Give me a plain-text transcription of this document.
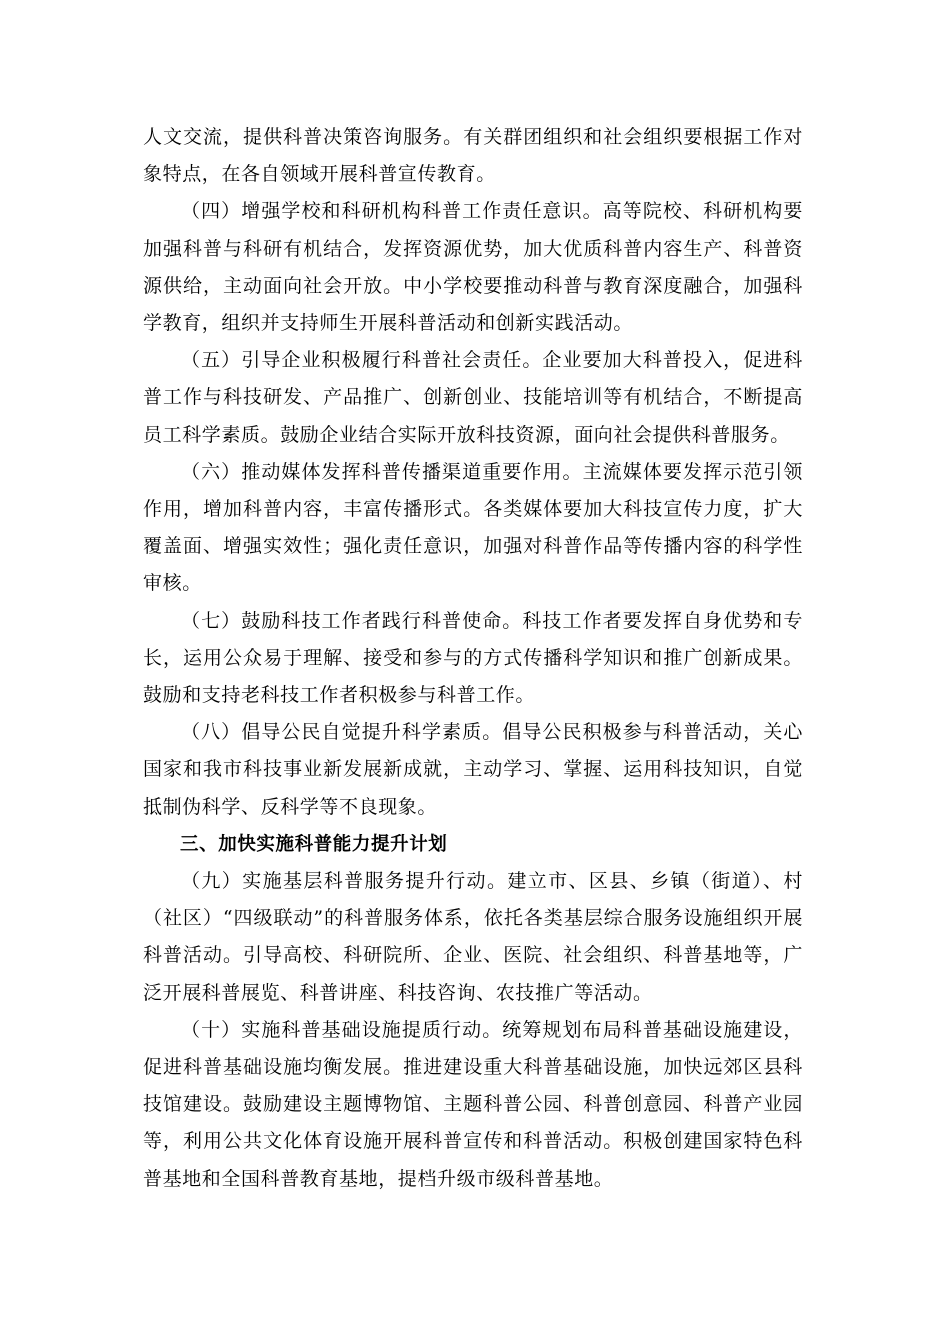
人文交流，提供科普决策咨询服务。有关群团组织和社会组织要根据工作对象特点，在各自领域开展科普宣传教育。

（四）增强学校和科研机构科普工作责任意识。高等院校、科研机构要加强科普与科研有机结合，发挥资源优势，加大优质科普内容生产、科普资源供给，主动面向社会开放。中小学校要推动科普与教育深度融合，加强科学教育，组织并支持师生开展科普活动和创新实践活动。

（五）引导企业积极履行科普社会责任。企业要加大科普投入，促进科普工作与科技研发、产品推广、创新创业、技能培训等有机结合，不断提高员工科学素质。鼓励企业结合实际开放科技资源，面向社会提供科普服务。

（六）推动媒体发挥科普传播渠道重要作用。主流媒体要发挥示范引领作用，增加科普内容，丰富传播形式。各类媒体要加大科技宣传力度，扩大覆盖面、增强实效性；强化责任意识，加强对科普作品等传播内容的科学性审核。

（七）鼓励科技工作者践行科普使命。科技工作者要发挥自身优势和专长，运用公众易于理解、接受和参与的方式传播科学知识和推广创新成果。鼓励和支持老科技工作者积极参与科普工作。

（八）倡导公民自觉提升科学素质。倡导公民积极参与科普活动，关心国家和我市科技事业新发展新成就，主动学习、掌握、运用科技知识，自觉抵制伪科学、反科学等不良现象。

三、加快实施科普能力提升计划

（九）实施基层科普服务提升行动。建立市、区县、乡镇（街道）、村（社区）“四级联动”的科普服务体系，依托各类基层综合服务设施组织开展科普活动。引导高校、科研院所、企业、医院、社会组织、科普基地等，广泛开展科普展览、科普讲座、科技咨询、农技推广等活动。

（十）实施科普基础设施提质行动。统筹规划布局科普基础设施建设，促进科普基础设施均衡发展。推进建设重大科普基础设施，加快远郊区县科技馆建设。鼓励建设主题博物馆、主题科普公园、科普创意园、科普产业园等，利用公共文化体育设施开展科普宣传和科普活动。积极创建国家特色科普基地和全国科普教育基地，提档升级市级科普基地。
